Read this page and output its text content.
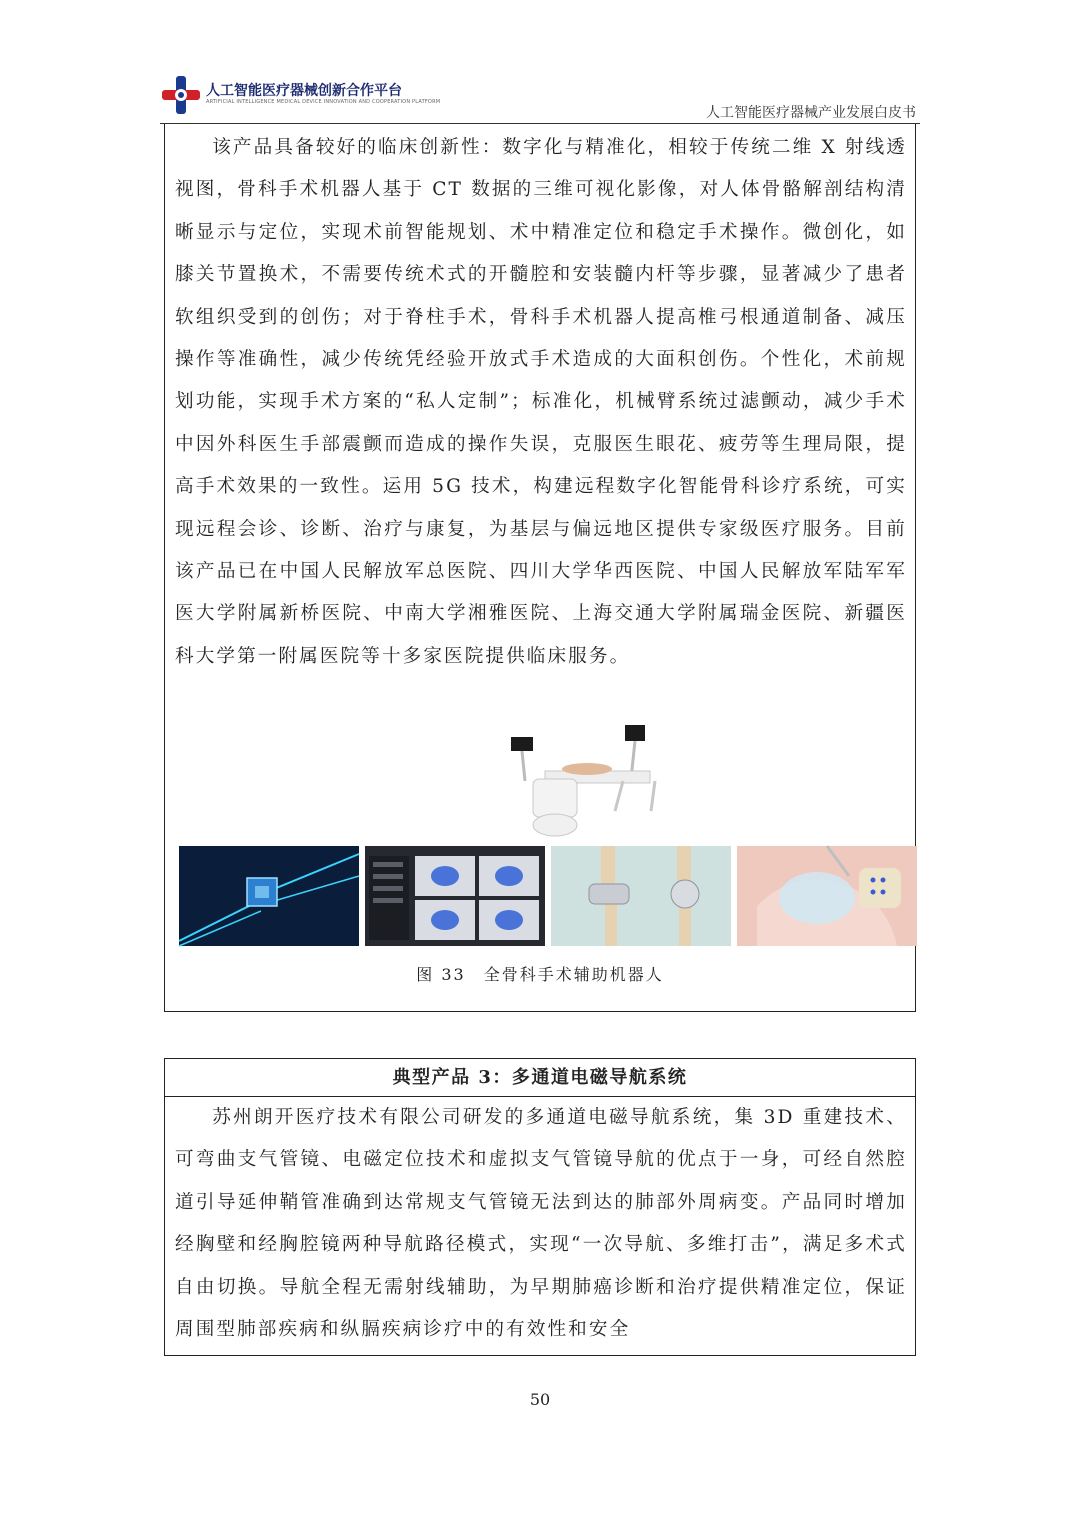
人工智能医疗器械创新合作平台
ARTIFICIAL INTELLIGENCE MEDICAL DEVICE INNOVATION AND COOPERATION PLATFORM
人工智能医疗器械产业发展白皮书

该产品具备较好的临床创新性：数字化与精准化，相较于传统二维 X 射线透视图，骨科手术机器人基于 CT 数据的三维可视化影像，对人体骨骼解剖结构清晰显示与定位，实现术前智能规划、术中精准定位和稳定手术操作。微创化，如膝关节置换术，不需要传统术式的开髓腔和安装髓内杆等步骤，显著减少了患者软组织受到的创伤；对于脊柱手术，骨科手术机器人提高椎弓根通道制备、减压操作等准确性，减少传统凭经验开放式手术造成的大面积创伤。个性化，术前规划功能，实现手术方案的“私人定制”；标准化，机械臂系统过滤颤动，减少手术中因外科医生手部震颤而造成的操作失误，克服医生眼花、疲劳等生理局限，提高手术效果的一致性。运用 5G 技术，构建远程数字化智能骨科诊疗系统，可实现远程会诊、诊断、治疗与康复，为基层与偏远地区提供专家级医疗服务。目前该产品已在中国人民解放军总医院、四川大学华西医院、中国人民解放军陆军军医大学附属新桥医院、中南大学湘雅医院、上海交通大学附属瑞金医院、新疆医科大学第一附属医院等十多家医院提供临床服务。

图 33　全骨科手术辅助机器人
典型产品 3：多通道电磁导航系统

苏州朗开医疗技术有限公司研发的多通道电磁导航系统，集 3D 重建技术、可弯曲支气管镜、电磁定位技术和虚拟支气管镜导航的优点于一身，可经自然腔道引导延伸鞘管准确到达常规支气管镜无法到达的肺部外周病变。产品同时增加经胸壁和经胸腔镜两种导航路径模式，实现“一次导航、多维打击”，满足多术式自由切换。导航全程无需射线辅助，为早期肺癌诊断和治疗提供精准定位，保证周围型肺部疾病和纵膈疾病诊疗中的有效性和安全

50
